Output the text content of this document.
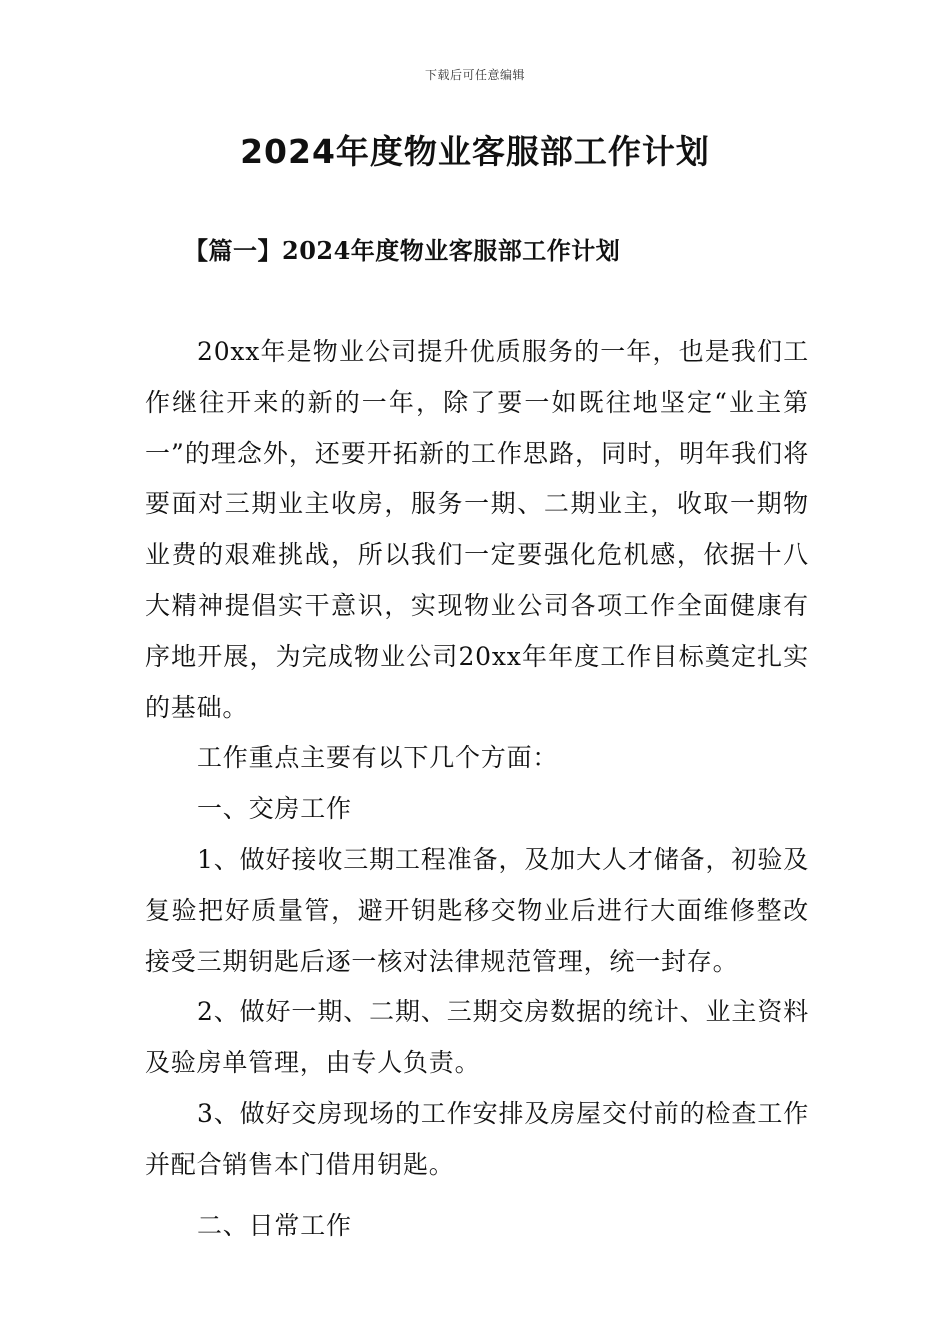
下载后可任意编辑
2024年度物业客服部工作计划
【篇一】2024年度物业客服部工作计划

20xx年是物业公司提升优质服务的一年，也是我们工作继往开来的新的一年，除了要一如既往地坚定“业主第一”的理念外，还要开拓新的工作思路，同时，明年我们将要面对三期业主收房，服务一期、二期业主，收取一期物业费的艰难挑战，所以我们一定要强化危机感，依据十八大精神提倡实干意识，实现物业公司各项工作全面健康有序地开展，为完成物业公司20xx年年度工作目标奠定扎实的基础。

工作重点主要有以下几个方面：

一、交房工作

1、做好接收三期工程准备，及加大人才储备，初验及复验把好质量管，避开钥匙移交物业后进行大面维修整改接受三期钥匙后逐一核对法律规范管理，统一封存。

2、做好一期、二期、三期交房数据的统计、业主资料及验房单管理，由专人负责。

3、做好交房现场的工作安排及房屋交付前的检查工作并配合销售本门借用钥匙。

二、日常工作
